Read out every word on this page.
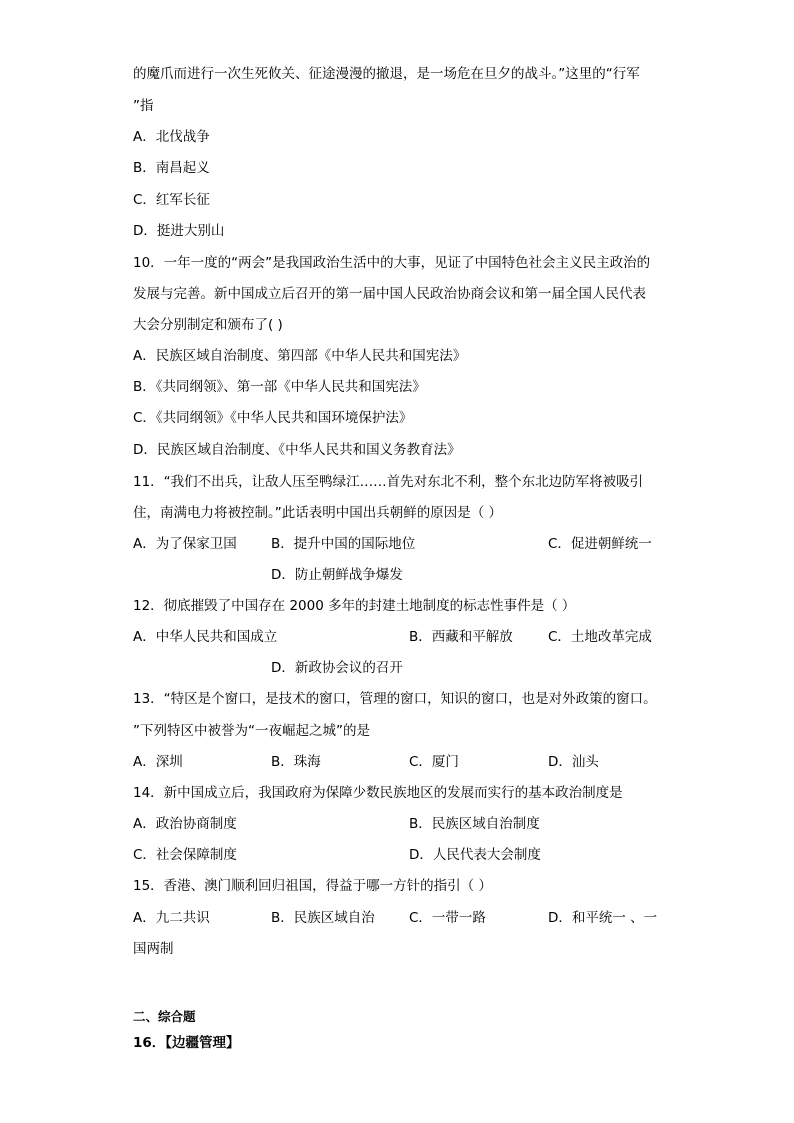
的魔爪而进行一次生死攸关、征途漫漫的撤退，是一场危在旦夕的战斗。”这里的“行军
”指
A．北伐战争
B．南昌起义
C．红军长征
D．挺进大别山
10．一年一度的“两会”是我国政治生活中的大事，见证了中国特色社会主义民主政治的
发展与完善。新中国成立后召开的第一届中国人民政治协商会议和第一届全国人民代表
大会分别制定和颁布了( )
A．民族区域自治制度、第四部《中华人民共和国宪法》
B．《共同纲领》、第一部《中华人民共和国宪法》
C．《共同纲领》《中华人民共和国环境保护法》
D．民族区域自治制度、《中华人民共和国义务教育法》
11．“我们不出兵，让敌人压至鸭绿江……首先对东北不利，整个东北边防军将被吸引
住，南满电力将被控制。”此话表明中国出兵朝鲜的原因是（ ）
A．为了保家卫国	B．提升中国的国际地位	C．促进朝鲜统一
D．防止朝鲜战争爆发
12．彻底摧毁了中国存在 2000 多年的封建土地制度的标志性事件是（ ）
A．中华人民共和国成立	B．西藏和平解放	C．土地改革完成
D．新政协会议的召开
13．“特区是个窗口，是技术的窗口，管理的窗口，知识的窗口，也是对外政策的窗口。
”下列特区中被誉为“一夜崛起之城”的是
A．深圳	B．珠海	C．厦门	D．汕头
14．新中国成立后，我国政府为保障少数民族地区的发展而实行的基本政治制度是
A．政治协商制度	B．民族区域自治制度
C．社会保障制度	D．人民代表大会制度
15．香港、澳门顺利回归祖国，得益于哪一方针的指引（ ）
A．九二共识	B．民族区域自治	C．一带一路	D．和平统一 、一
国两制
二、综合题
16．【边疆管理】
